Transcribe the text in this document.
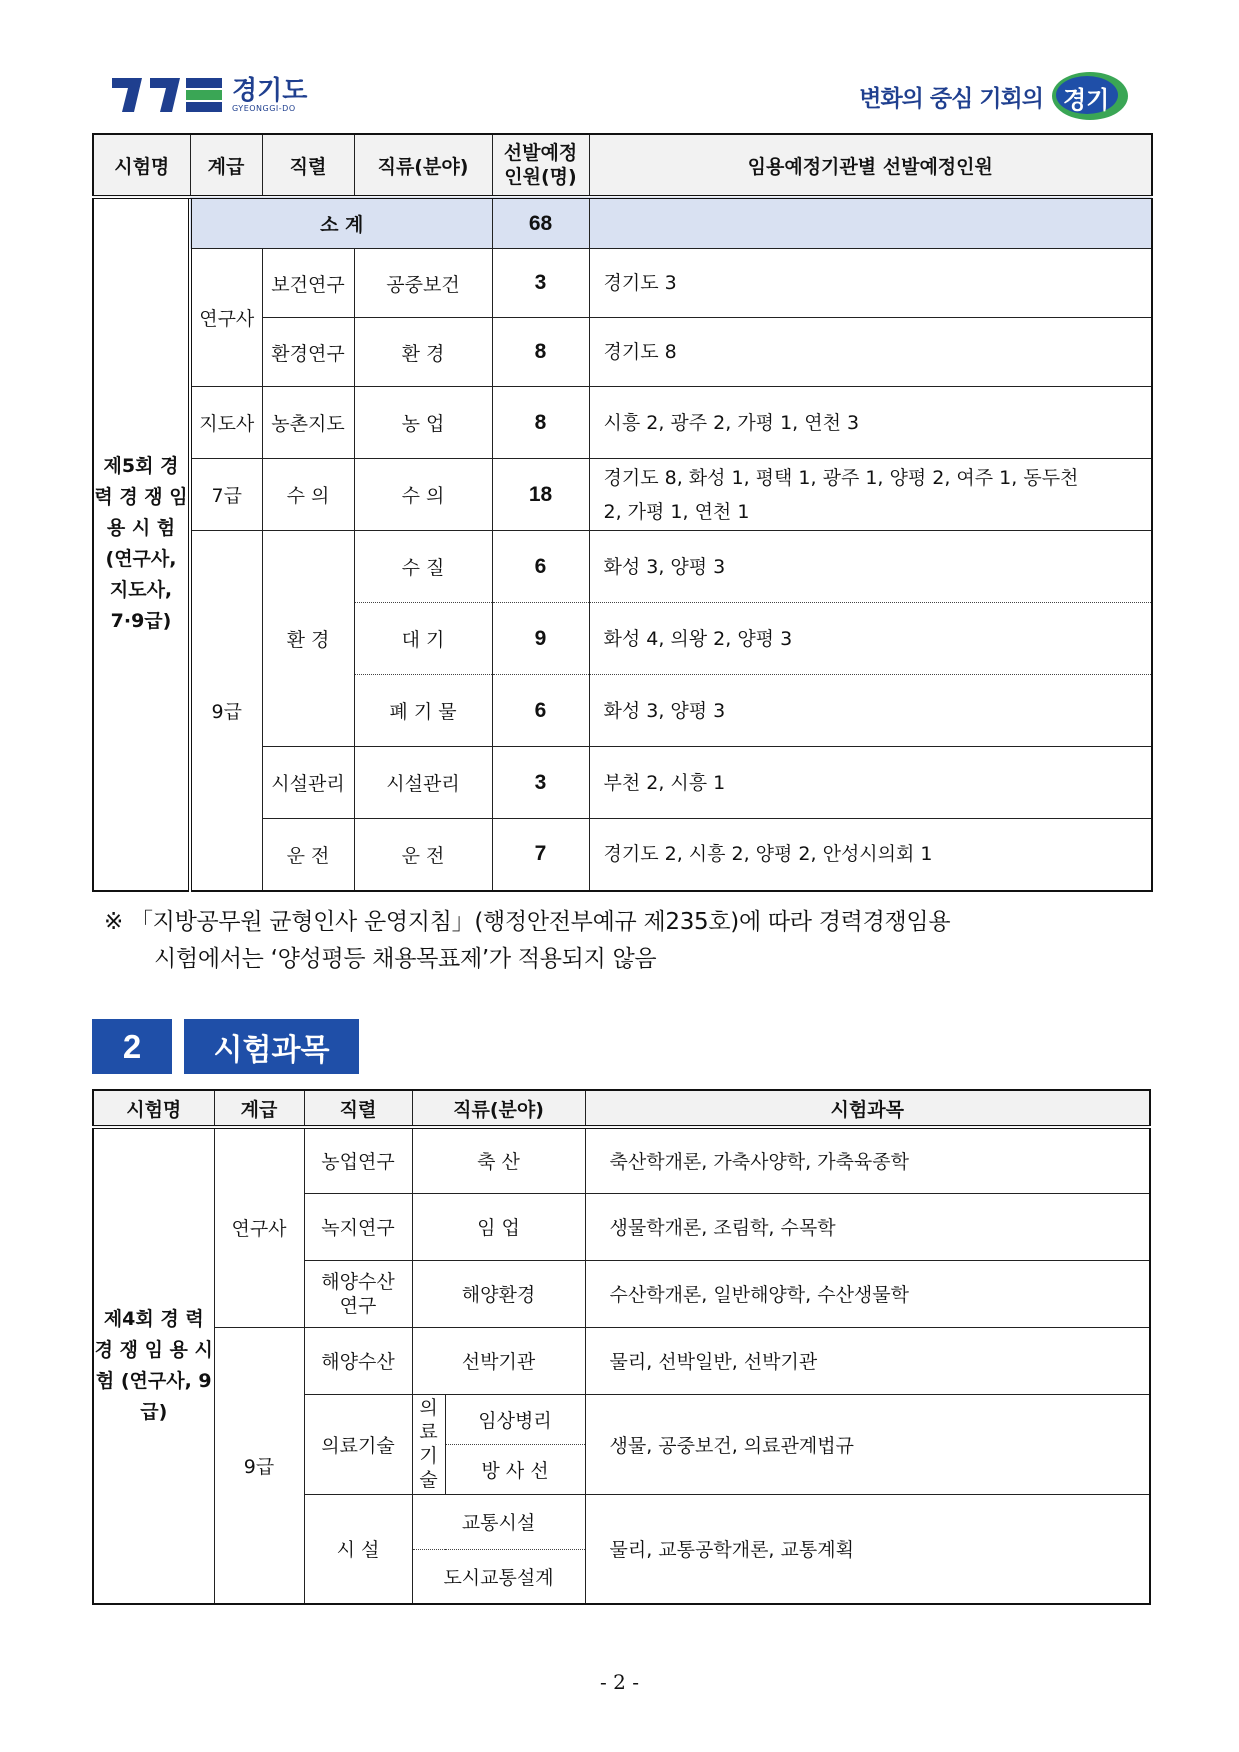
경기도
GYEONGGI-DO	변화의 중심 기회의 경기
시험명	계급	직렬	직류(분야)	선발예정 인원(명)	임용예정기관별 선발예정인원
제5회 경 력 경 쟁 임 용 시 험 (연구사, 지도사, 7·9급)	소 계			68	
	연구사	보건연구	공중보건	3	경기도 3
		환경연구	환 경	8	경기도 8
	지도사	농촌지도	농 업	8	시흥 2, 광주 2, 가평 1, 연천 3
	7급	수 의	수 의	18	경기도 8, 화성 1, 평택 1, 광주 1, 양평 2, 여주 1, 동두천 2, 가평 1, 연천 1
	9급	환 경	수 질	6	화성 3, 양평 3
			대 기	9	화성 4, 의왕 2, 양평 3
			폐 기 물	6	화성 3, 양평 3
		시설관리	시설관리	3	부천 2, 시흥 1
		운 전	운 전	7	경기도 2, 시흥 2, 양평 2, 안성시의회 1
※ 「지방공무원 균형인사 운영지침」(행정안전부예규 제235호)에 따라 경력경쟁임용
시험에서는 ‘양성평등 채용목표제’가 적용되지 않음
2	시험과목
시험명	계급	직렬	직류(분야)		시험과목
제4회 경 력 경 쟁 임 용 시 험 (연구사, 9급)	연구사	농업연구	축 산		축산학개론, 가축사양학, 가축육종학
		녹지연구	임 업		생물학개론, 조림학, 수목학
		해양수산 연구	해양환경		수산학개론, 일반해양학, 수산생물학
	9급	해양수산	선박기관		물리, 선박일반, 선박기관
		의료기술	의료기술	임상병리	생물, 공중보건, 의료관계법규
				방 사 선	
		시 설	교통시설		물리, 교통공학개론, 교통계획
			도시교통설계		
- 2 -
